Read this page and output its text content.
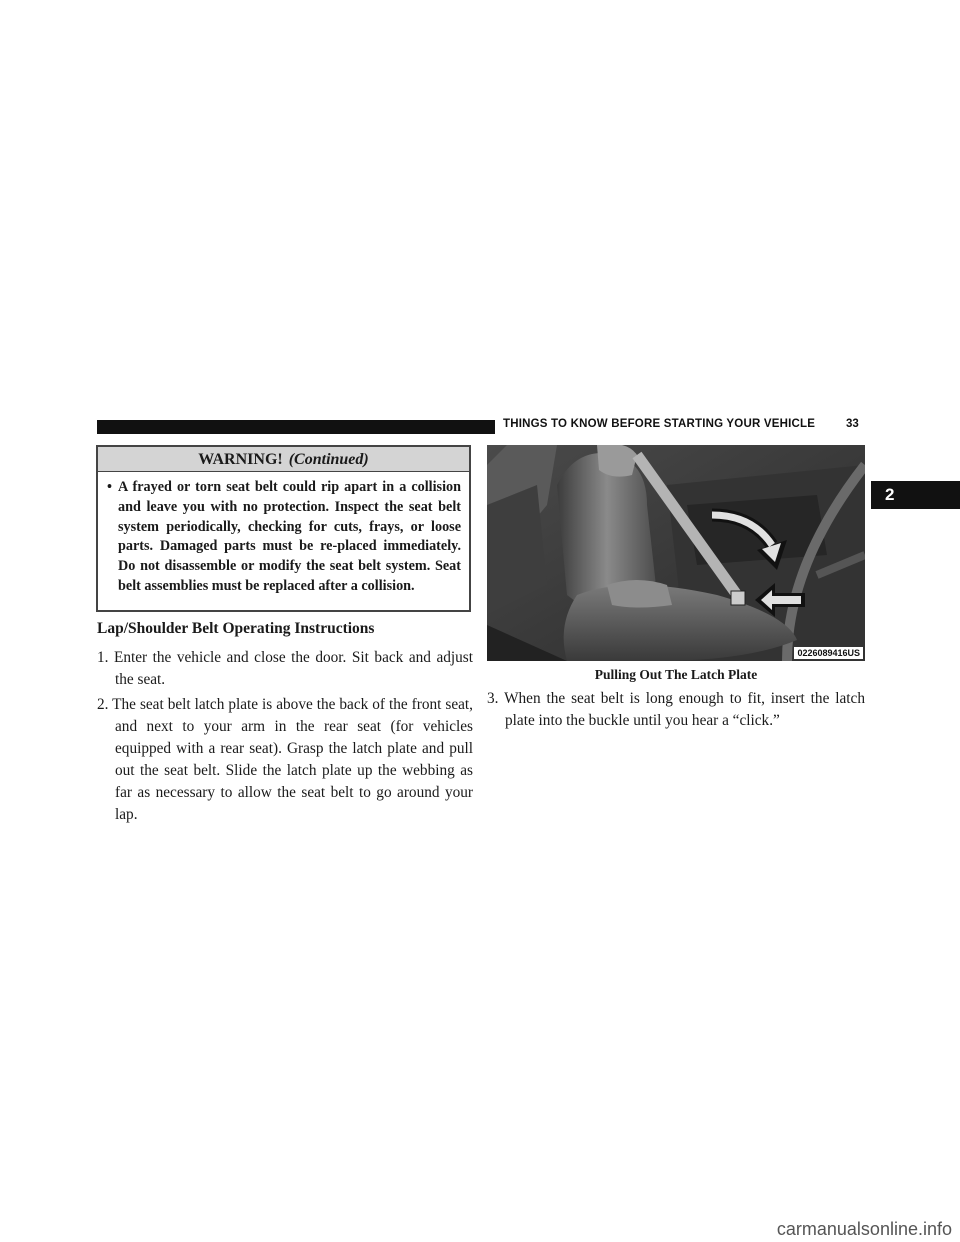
THINGS TO KNOW BEFORE STARTING YOUR VEHICLE	33
2
WARNING! (Continued)
• A frayed or torn seat belt could rip apart in a collision and leave you with no protection. Inspect the seat belt system periodically, checking for cuts, frays, or loose parts. Damaged parts must be re-placed immediately. Do not disassemble or modify the seat belt system. Seat belt assemblies must be replaced after a collision.
Lap/Shoulder Belt Operating Instructions
1. Enter the vehicle and close the door. Sit back and adjust the seat.
2. The seat belt latch plate is above the back of the front seat, and next to your arm in the rear seat (for vehicles equipped with a rear seat). Grasp the latch plate and pull out the seat belt. Slide the latch plate up the webbing as far as necessary to allow the seat belt to go around your lap.
0226089416US
Pulling Out The Latch Plate
3. When the seat belt is long enough to fit, insert the latch plate into the buckle until you hear a “click.”
carmanualsonline.info
